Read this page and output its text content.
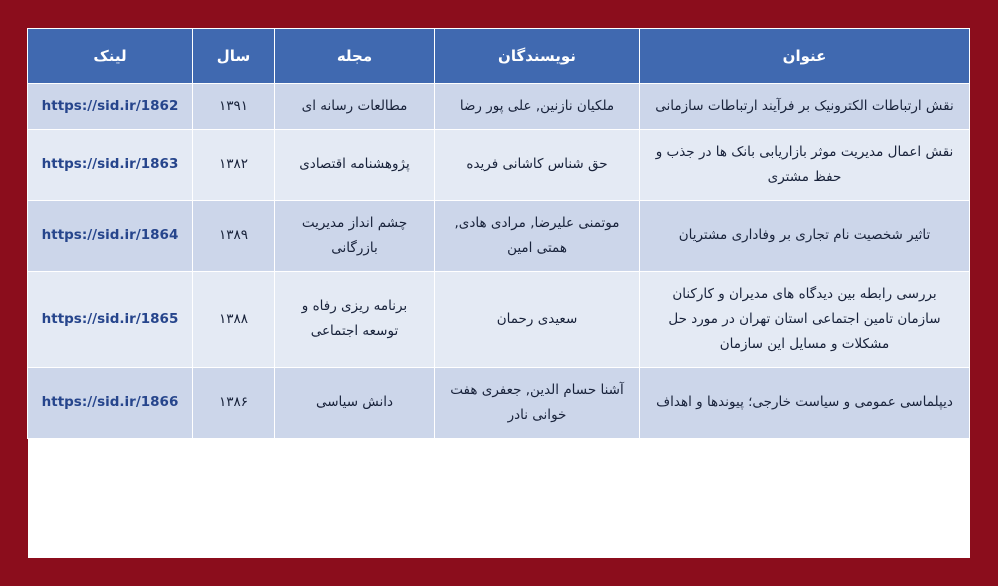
عنوان	نویسندگان	مجله	سال	لینک
نقش ارتباطات الکترونیک بر فرآیند ارتباطات سازمانی	ملکیان نازنین, علی پور رضا	مطالعات رسانه ای	۱۳۹۱	https://sid.ir/1862
نقش اعمال مدیریت موثر بازاریابی بانک ها در جذب و حفظ مشتری	حق شناس کاشانی فریده	پژوهشنامه اقتصادی	۱۳۸۲	https://sid.ir/1863
تاثیر شخصیت نام تجاری بر وفاداری مشتریان	موتمنی علیرضا, مرادی هادی, همتی امین	چشم انداز مدیریت بازرگانی	۱۳۸۹	https://sid.ir/1864
بررسی رابطه بین دیدگاه های مدیران و کارکنان سازمان تامین اجتماعی استان تهران در مورد حل مشکلات و مسایل این سازمان	سعیدی رحمان	برنامه ریزی رفاه و توسعه اجتماعی	۱۳۸۸	https://sid.ir/1865
دیپلماسی عمومی و سیاست خارجی؛ پیوندها و اهداف	آشنا حسام الدین, جعفری هفت خوانی نادر	دانش سیاسی	۱۳۸۶	https://sid.ir/1866
